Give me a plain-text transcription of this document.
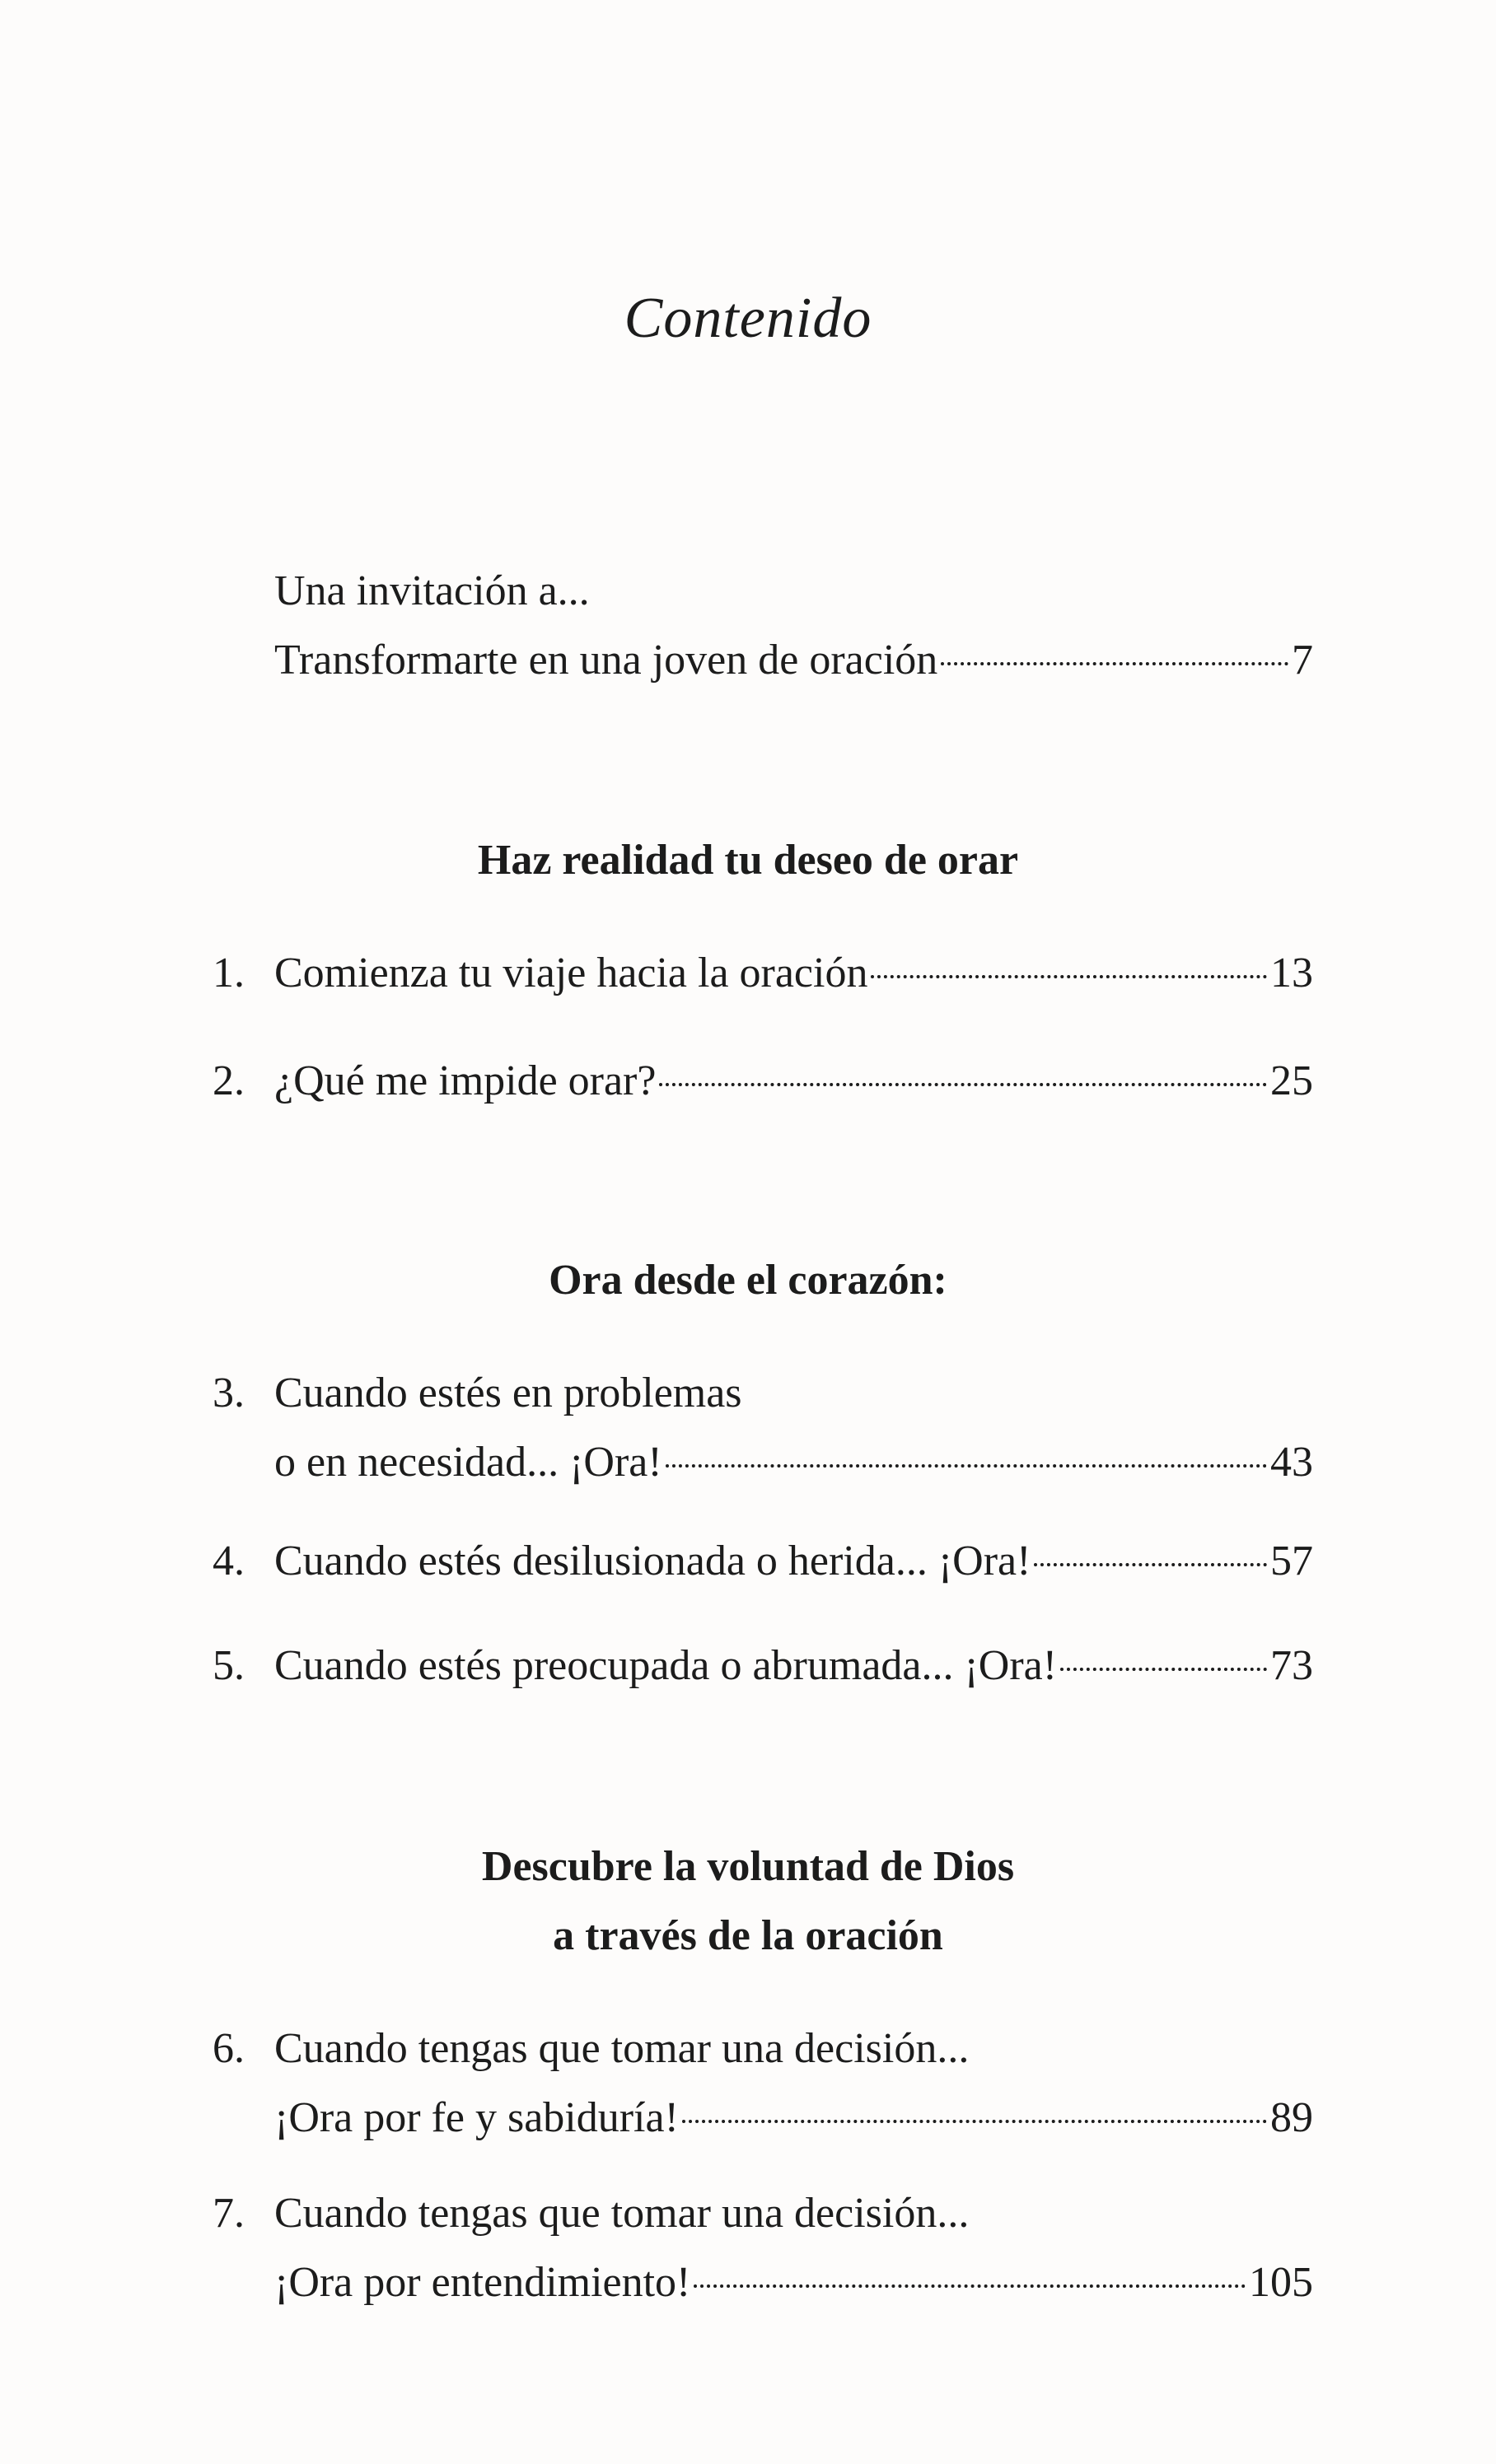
Contenido
Una invitación a...
Transformarte en una joven de oración	7
Haz realidad tu deseo de orar
1. Comienza tu viaje hacia la oración	13
2. ¿Qué me impide orar?	25
Ora desde el corazón:
3. Cuando estés en problemas
o en necesidad... ¡Ora!	43
4. Cuando estés desilusionada o herida... ¡Ora!	57
5. Cuando estés preocupada o abrumada... ¡Ora!	73
Descubre la voluntad de Dios
a través de la oración
6. Cuando tengas que tomar una decisión...
¡Ora por fe y sabiduría!	89
7. Cuando tengas que tomar una decisión...
¡Ora por entendimiento!	105
